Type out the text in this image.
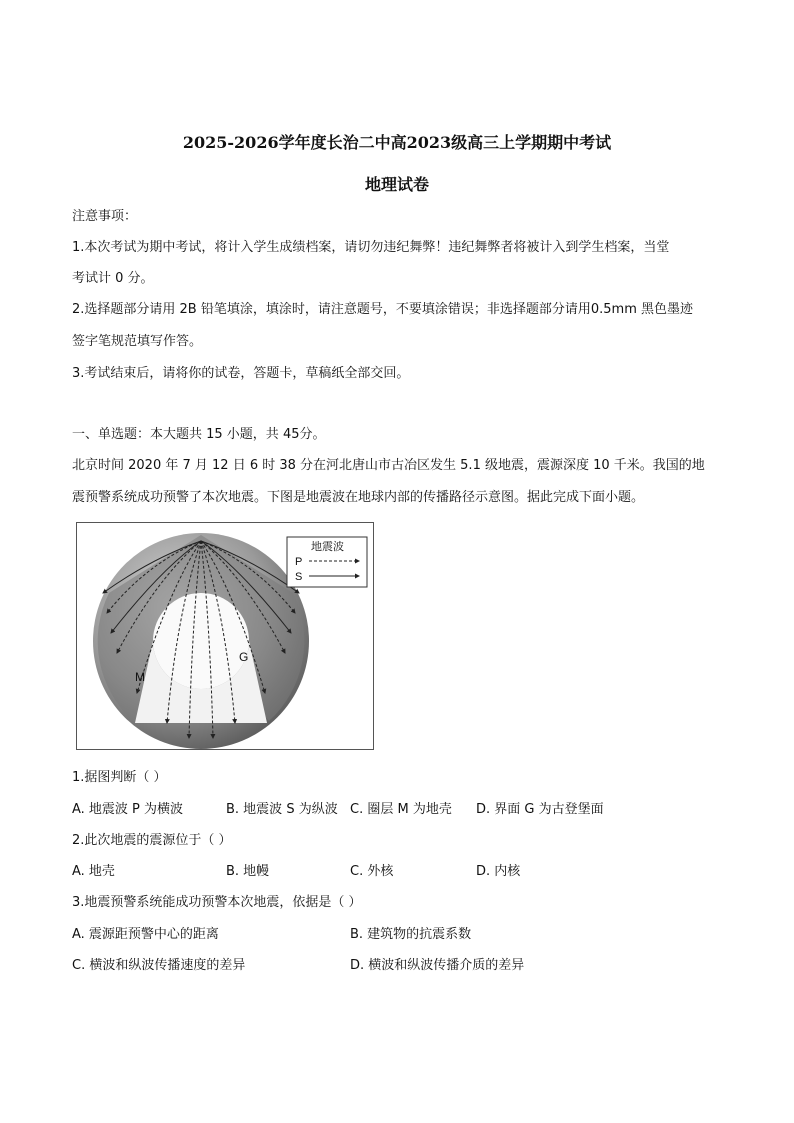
2025-2026学年度长治二中高2023级高三上学期期中考试
地理试卷
注意事项：
1.本次考试为期中考试，将计入学生成绩档案，请切勿违纪舞弊！违纪舞弊者将被计入到学生档案，当堂
考试计 0 分。
2.选择题部分请用 2B 铅笔填涂，填涂时，请注意题号，不要填涂错误；非选择题部分请用0.5mm 黑色墨迹
签字笔规范填写作答。
3.考试结束后，请将你的试卷，答题卡，草稿纸全部交回。
一、单选题：本大题共 15 小题，共 45分。
北京时间 2020 年 7 月 12 日 6 时 38 分在河北唐山市古冶区发生 5.1 级地震，震源深度 10 千米。我国的地
震预警系统成功预警了本次地震。下图是地震波在地球内部的传播路径示意图。据此完成下面小题。
M
G
地震波
P
S
1.据图判断（ ）
A. 地震波 P 为横波	B. 地震波 S 为纵波 C. 圈层 M 为地壳 D. 界面 G 为古登堡面
2.此次地震的震源位于（ ）
A. 地壳	B. 地幔	C. 外核	D. 内核
3.地震预警系统能成功预警本次地震，依据是（ ）
A. 震源距预警中心的距离	B. 建筑物的抗震系数
C. 横波和纵波传播速度的差异	D. 横波和纵波传播介质的差异
